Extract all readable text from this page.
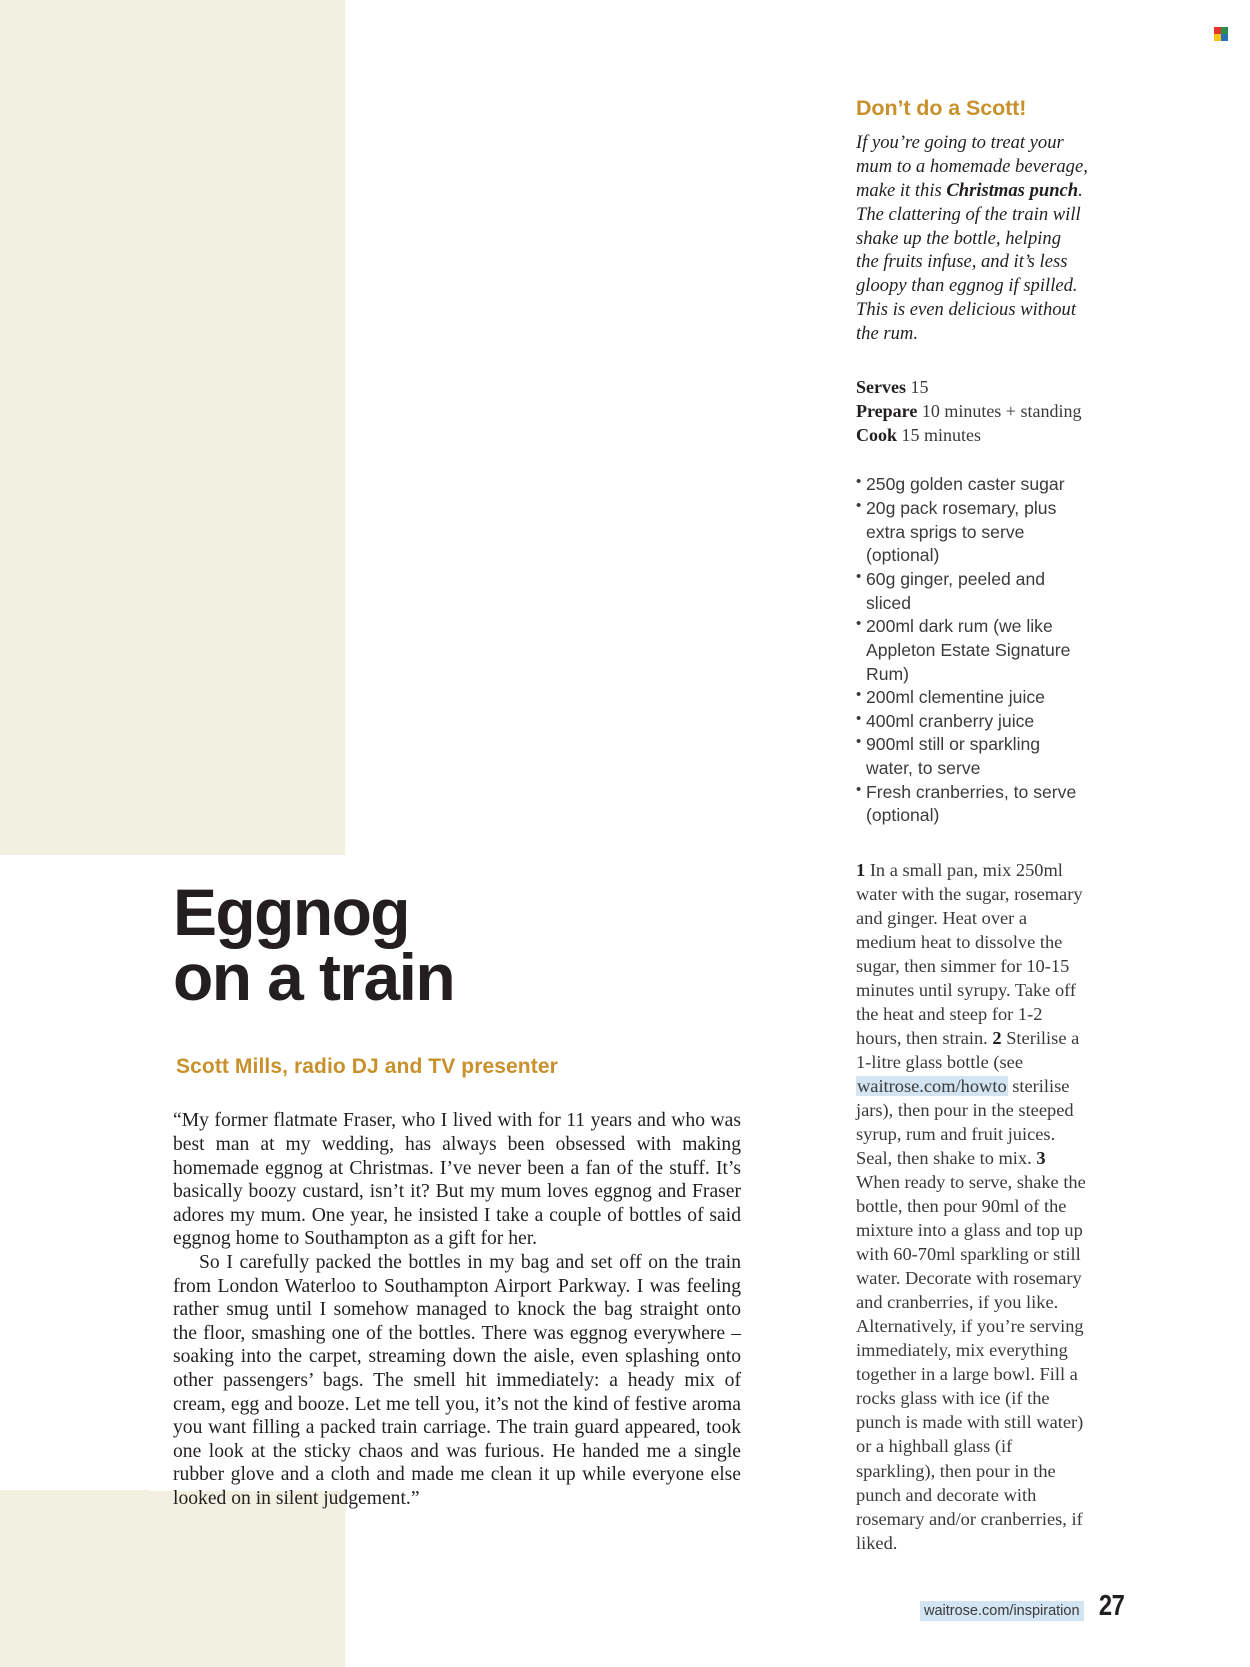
Eggnog
on a train
Scott Mills, radio DJ and TV presenter

“My former flatmate Fraser, who I lived with for 11 years and who was best man at my wedding, has always been obsessed with making homemade eggnog at Christmas. I’ve never been a fan of the stuff. It’s basically boozy custard, isn’t it? But my mum loves eggnog and Fraser adores my mum. One year, he insisted I take a couple of bottles of said eggnog home to Southampton as a gift for her.

So I carefully packed the bottles in my bag and set off on the train from London Waterloo to Southampton Airport Parkway. I was feeling rather smug until I somehow managed to knock the bag straight onto the floor, smashing one of the bottles. There was eggnog everywhere – soaking into the carpet, streaming down the aisle, even splashing onto other passengers’ bags. The smell hit immediately: a heady mix of cream, egg and booze. Let me tell you, it’s not the kind of festive aroma you want filling a packed train carriage. The train guard appeared, took one look at the sticky chaos and was furious. He handed me a single rubber glove and a cloth and made me clean it up while everyone else looked on in silent judgement.”

Don’t do a Scott!

If you’re going to treat your mum to a homemade beverage, make it this Christmas punch. The clattering of the train will shake up the bottle, helping the fruits infuse, and it’s less gloopy than eggnog if spilled. This is even delicious without the rum.

Serves 15
Prepare 10 minutes + standing
Cook 15 minutes
• 250g golden caster sugar
• 20g pack rosemary, plus extra sprigs to serve (optional)
• 60g ginger, peeled and sliced
• 200ml dark rum (we like Appleton Estate Signature Rum)
• 200ml clementine juice
• 400ml cranberry juice
• 900ml still or sparkling water, to serve
• Fresh cranberries, to serve (optional)
1 In a small pan, mix 250ml water with the sugar, rosemary and ginger. Heat over a medium heat to dissolve the sugar, then simmer for 10-15 minutes until syrupy. Take off the heat and steep for 1-2 hours, then strain. 2 Sterilise a 1-litre glass bottle (see waitrose.com/howto sterilise jars), then pour in the steeped syrup, rum and fruit juices. Seal, then shake to mix. 3 When ready to serve, shake the bottle, then pour 90ml of the mixture into a glass and top up with 60-70ml sparkling or still water. Decorate with rosemary and cranberries, if you like. Alternatively, if you’re serving immediately, mix everything together in a large bowl. Fill a rocks glass with ice (if the punch is made with still water) or a highball glass (if sparkling), then pour in the punch and decorate with rosemary and/or cranberries, if liked.
waitrose.com/inspiration 27
